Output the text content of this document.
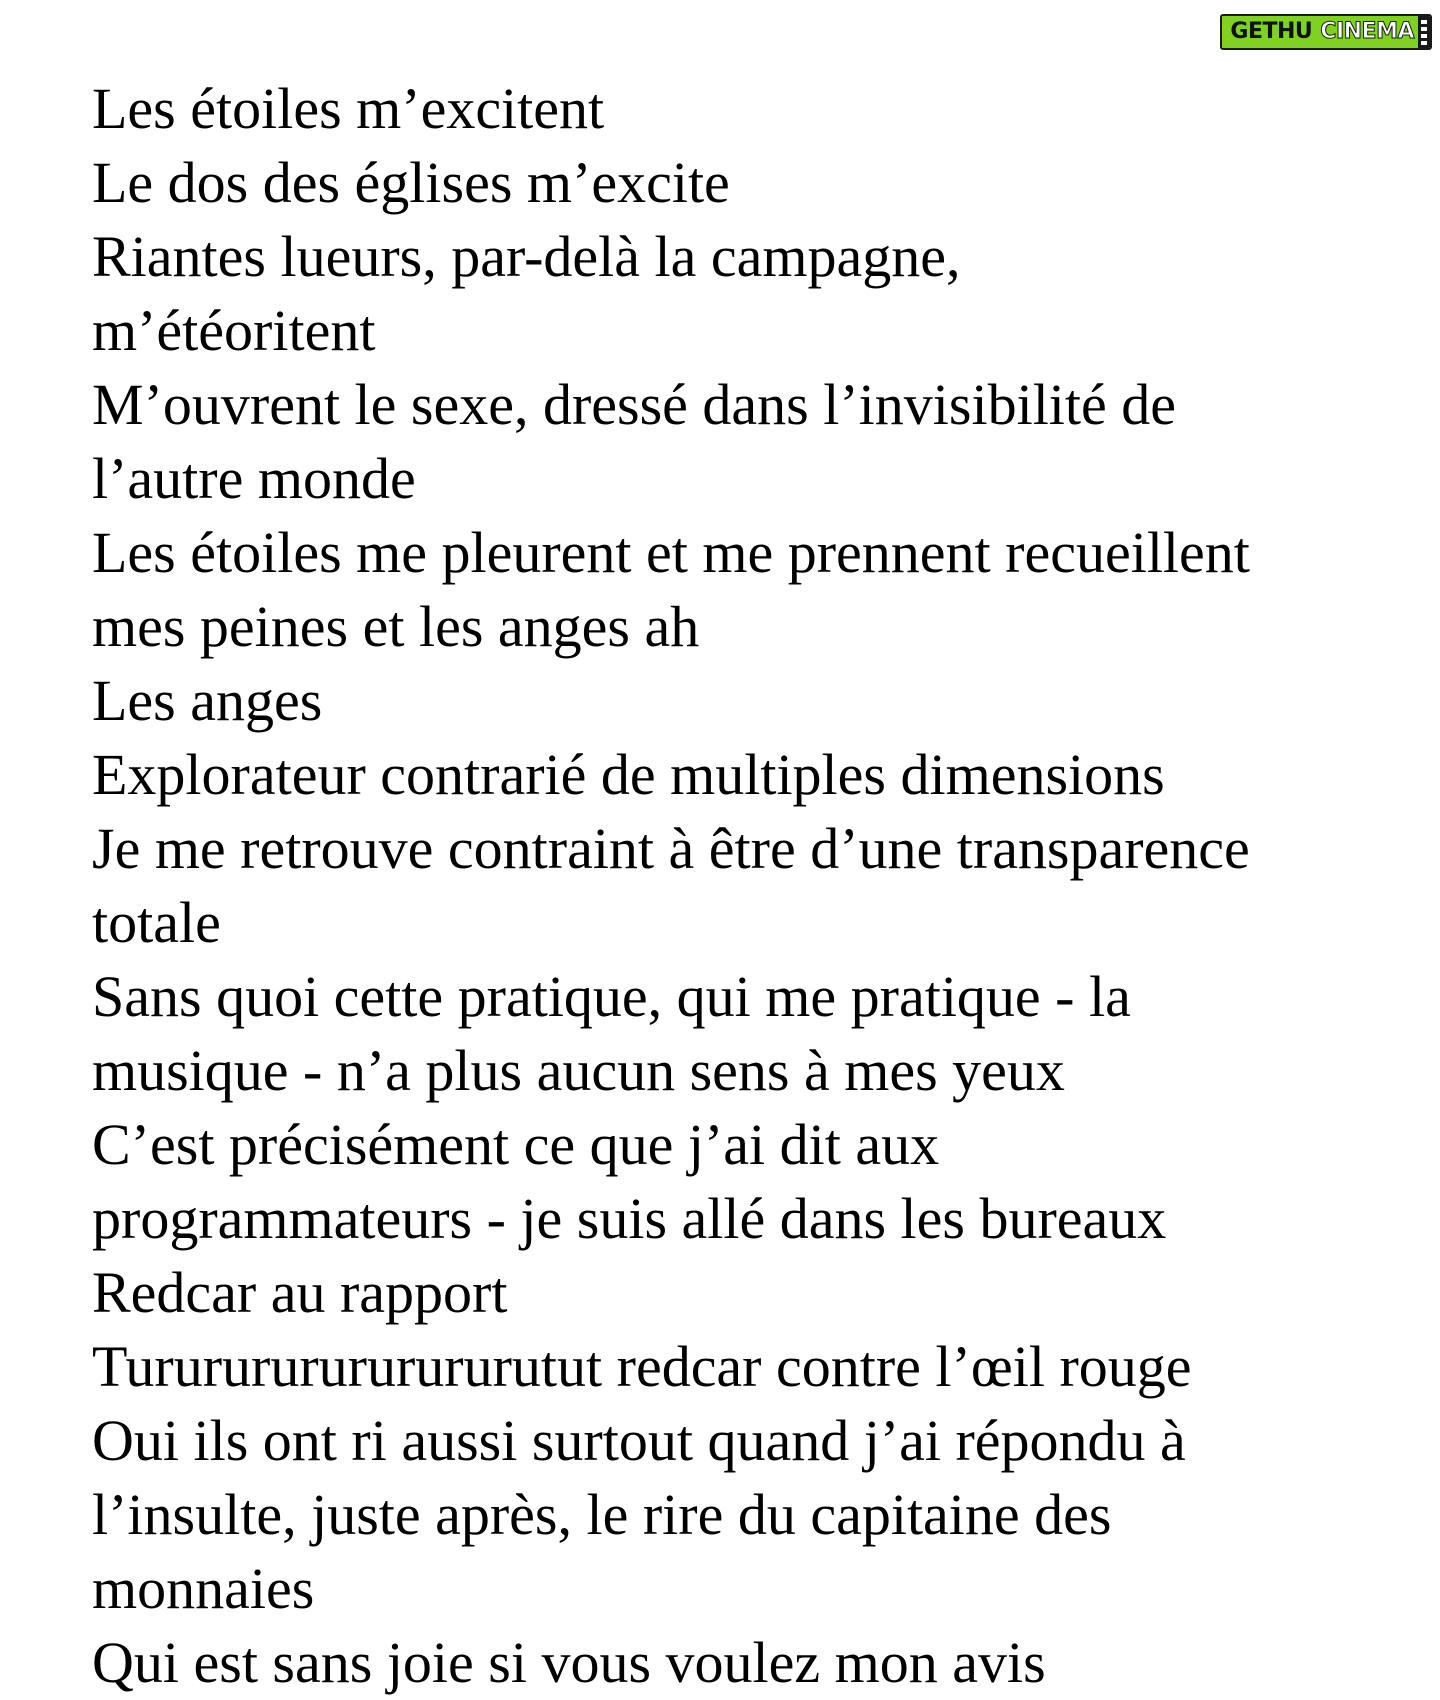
GETHU CINEMA
Les étoiles m’excitent
Le dos des églises m’excite
Riantes lueurs, par-delà la campagne,
m’étéoritent
M’ouvrent le sexe, dressé dans l’invisibilité de
l’autre monde
Les étoiles me pleurent et me prennent recueillent
mes peines et les anges ah
Les anges
Explorateur contrarié de multiples dimensions
Je me retrouve contraint à être d’une transparence
totale
Sans quoi cette pratique, qui me pratique - la
musique - n’a plus aucun sens à mes yeux
C’est précisément ce que j’ai dit aux
programmateurs - je suis allé dans les bureaux
Redcar au rapport
Tururururururururutut redcar contre l’œil rouge
Oui ils ont ri aussi surtout quand j’ai répondu à
l’insulte, juste après, le rire du capitaine des
monnaies
Qui est sans joie si vous voulez mon avis
